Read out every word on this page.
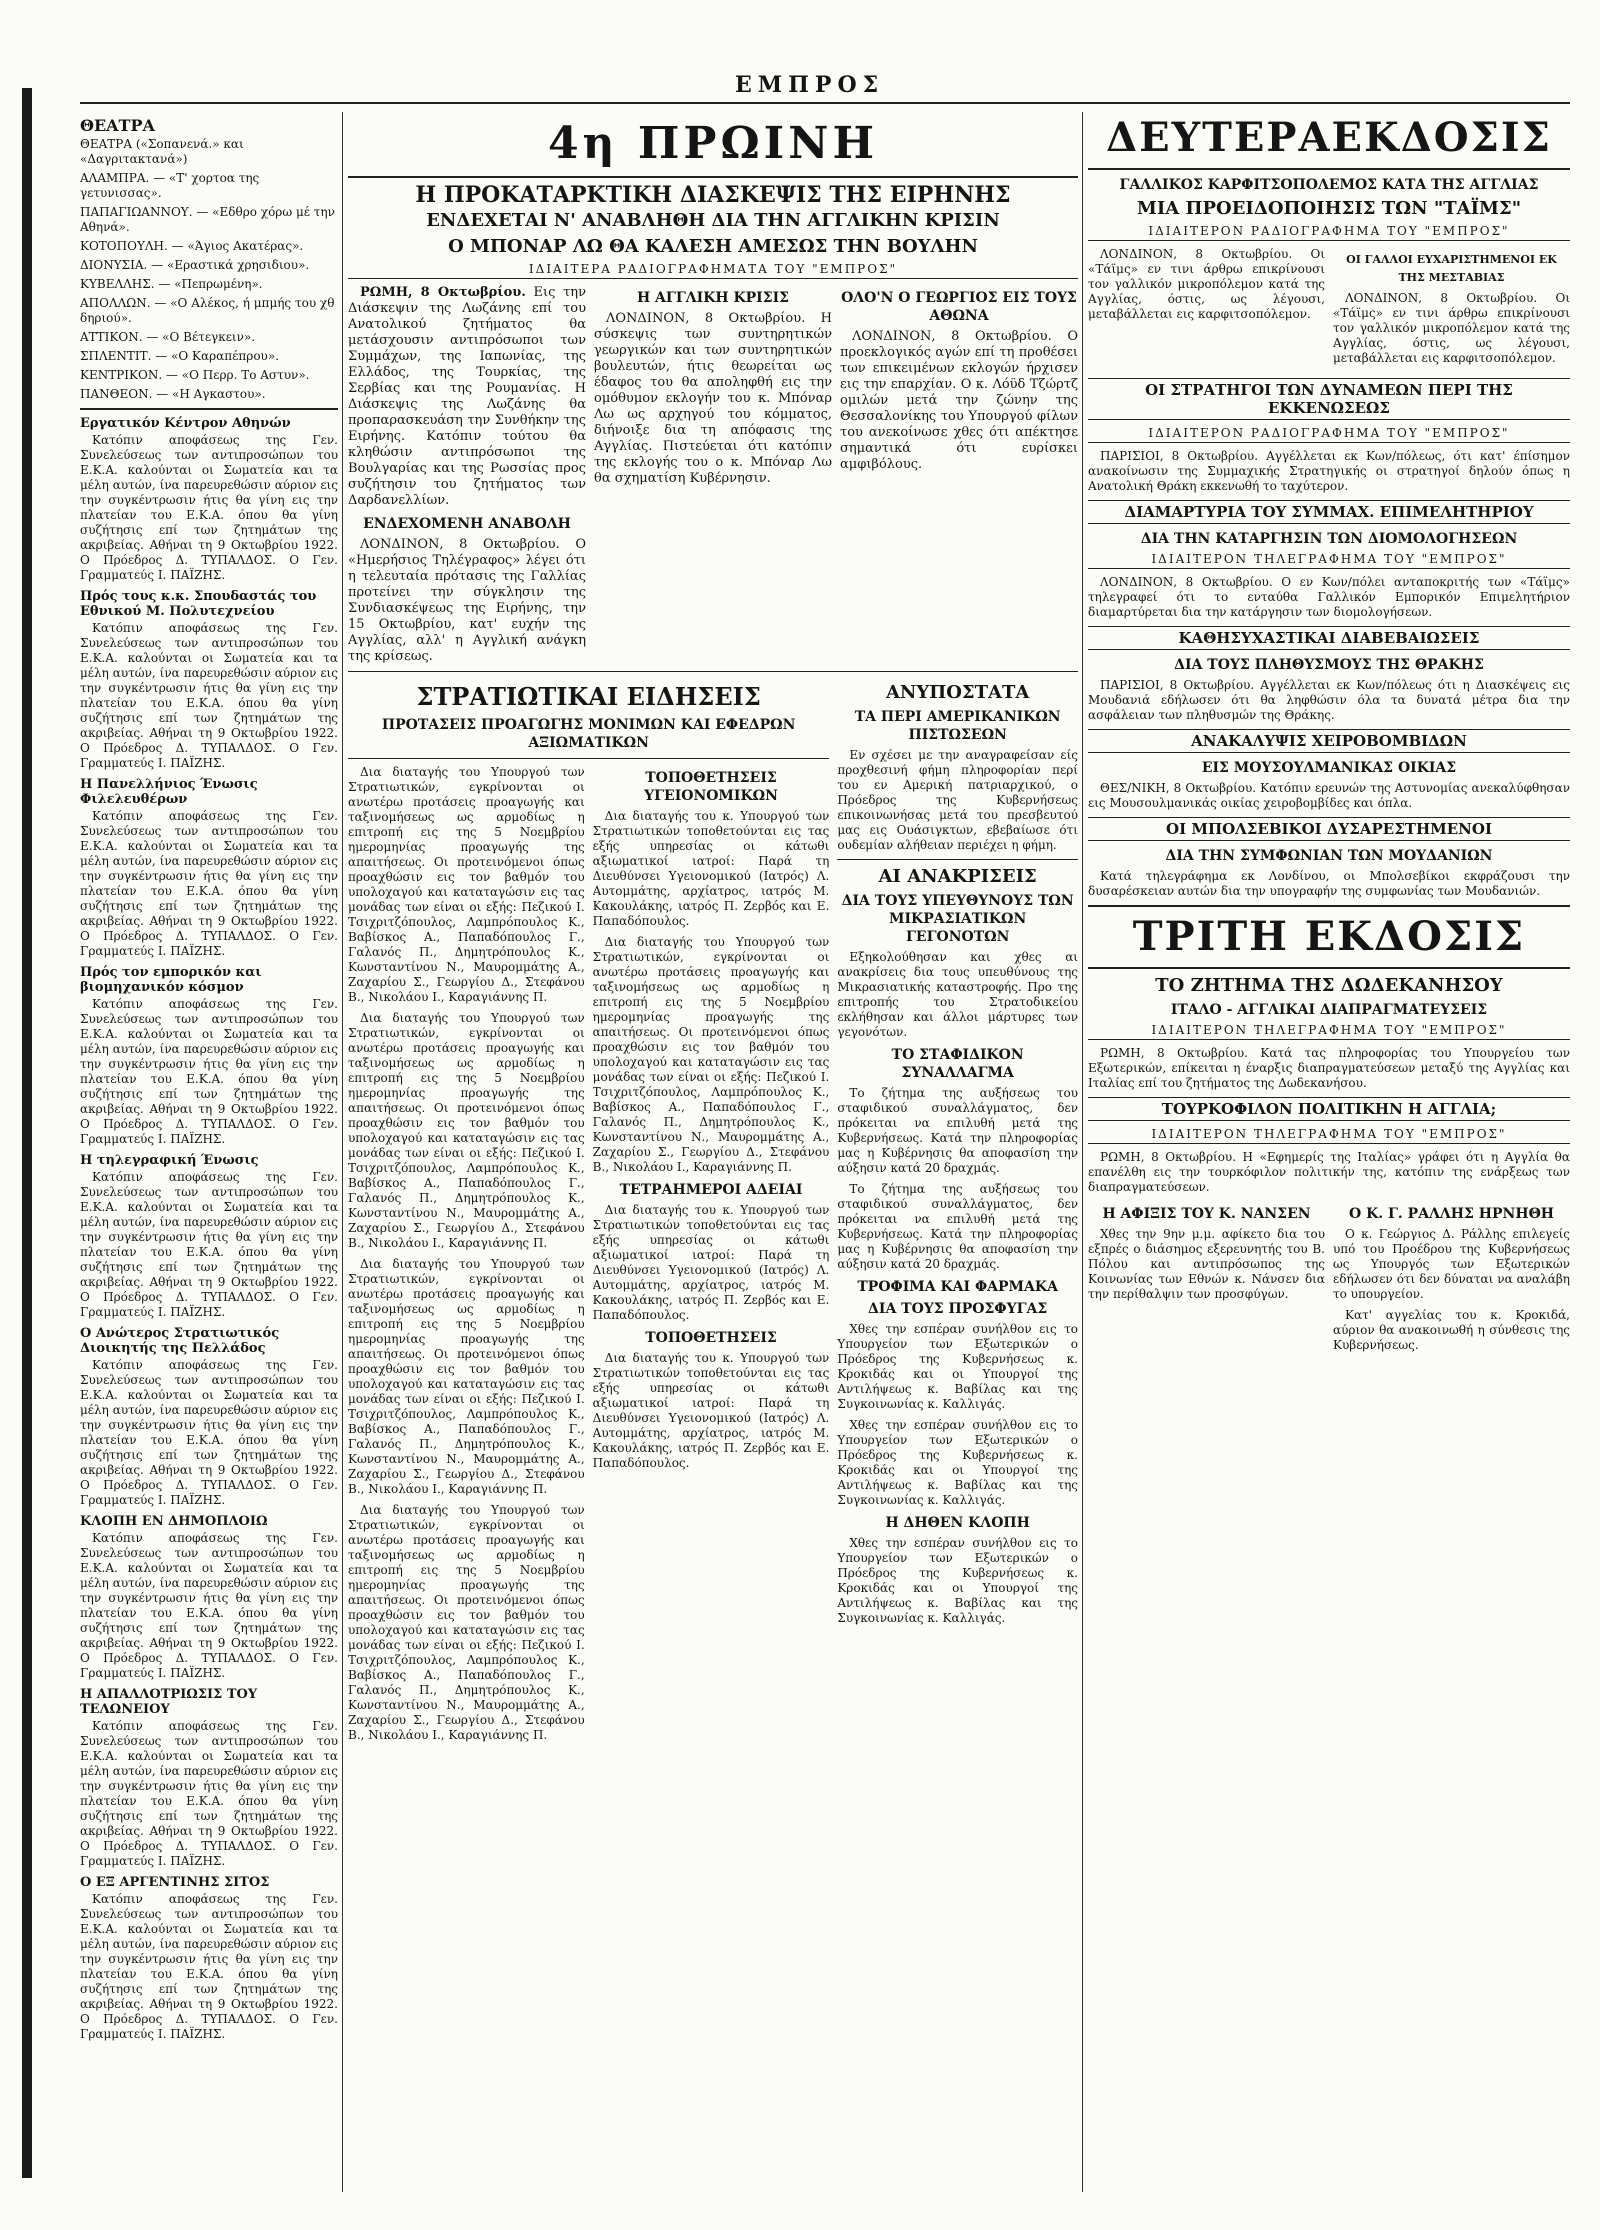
ΕΜΠΡΟΣ
ΘΕΑΤΡΑ
ΘΕΑΤΡΑ («Σοπανενά.» και «Δαγριτακτανά»)
ΑΛΑΜΠΡΑ. — «Τ' χορτοα της γετυνισσας».
ΠΑΠΑΓΙΩΑΝΝΟΥ. — «Εδθρο χόρω μέ την Αθηνά».
ΚΟΤΟΠΟΥΛΗ. — «Άγιος Ακατέρας».
ΔΙΟΝΥΣΙΑ. — «Εραστικά χρησιδιου».
ΚΥΒΕΛΛΗΣ. — «Πεπρωμένη».
ΑΠΟΛΛΩΝ. — «Ο Αλέκος, ή μπμής του χθ δηριού».
ΑΤΤΙΚΟΝ. — «Ο Βέτεγκειν».
ΣΠΛΕΝΤΙΤ. — «Ο Καραπέπρου».
ΚΕΝΤΡΙΚΟΝ. — «Ο Περρ. Το Αστυν».
ΠΑΝΘΕΟΝ. — «Η Αγκαστου».
Εργατικόν Κέντρον Αθηνών

Κατόπιν αποφάσεως της Γεν. Συνελεύσεως των αντιπροσώπων του Ε.Κ.Α. καλούνται οι Σωματεία και τα μέλη αυτών, ίνα παρευρεθώσιν αύριον εις την συγκέντρωσιν ήτις θα γίνη εις την πλατείαν του Ε.Κ.Α. όπου θα γίνη συζήτησις επί των ζητημάτων της ακριβείας. Αθήναι τη 9 Οκτωβρίου 1922. Ο Πρόεδρος Δ. ΤΥΠΑΛΔΟΣ. Ο Γεν. Γραμματεύς Ι. ΠΑΪΖΗΣ.

Πρός τους κ.κ. Σπουδαστάς του Εθνικού Μ. Πολυτεχνείου

Κατόπιν αποφάσεως της Γεν. Συνελεύσεως των αντιπροσώπων του Ε.Κ.Α. καλούνται οι Σωματεία και τα μέλη αυτών, ίνα παρευρεθώσιν αύριον εις την συγκέντρωσιν ήτις θα γίνη εις την πλατείαν του Ε.Κ.Α. όπου θα γίνη συζήτησις επί των ζητημάτων της ακριβείας. Αθήναι τη 9 Οκτωβρίου 1922. Ο Πρόεδρος Δ. ΤΥΠΑΛΔΟΣ. Ο Γεν. Γραμματεύς Ι. ΠΑΪΖΗΣ.

Η Πανελλήνιος Ένωσις Φιλελευθέρων

Κατόπιν αποφάσεως της Γεν. Συνελεύσεως των αντιπροσώπων του Ε.Κ.Α. καλούνται οι Σωματεία και τα μέλη αυτών, ίνα παρευρεθώσιν αύριον εις την συγκέντρωσιν ήτις θα γίνη εις την πλατείαν του Ε.Κ.Α. όπου θα γίνη συζήτησις επί των ζητημάτων της ακριβείας. Αθήναι τη 9 Οκτωβρίου 1922. Ο Πρόεδρος Δ. ΤΥΠΑΛΔΟΣ. Ο Γεν. Γραμματεύς Ι. ΠΑΪΖΗΣ.

Πρός τον εμπορικόν και βιομηχανικόν κόσμον

Κατόπιν αποφάσεως της Γεν. Συνελεύσεως των αντιπροσώπων του Ε.Κ.Α. καλούνται οι Σωματεία και τα μέλη αυτών, ίνα παρευρεθώσιν αύριον εις την συγκέντρωσιν ήτις θα γίνη εις την πλατείαν του Ε.Κ.Α. όπου θα γίνη συζήτησις επί των ζητημάτων της ακριβείας. Αθήναι τη 9 Οκτωβρίου 1922. Ο Πρόεδρος Δ. ΤΥΠΑΛΔΟΣ. Ο Γεν. Γραμματεύς Ι. ΠΑΪΖΗΣ.

Η τηλεγραφική Ένωσις

Κατόπιν αποφάσεως της Γεν. Συνελεύσεως των αντιπροσώπων του Ε.Κ.Α. καλούνται οι Σωματεία και τα μέλη αυτών, ίνα παρευρεθώσιν αύριον εις την συγκέντρωσιν ήτις θα γίνη εις την πλατείαν του Ε.Κ.Α. όπου θα γίνη συζήτησις επί των ζητημάτων της ακριβείας. Αθήναι τη 9 Οκτωβρίου 1922. Ο Πρόεδρος Δ. ΤΥΠΑΛΔΟΣ. Ο Γεν. Γραμματεύς Ι. ΠΑΪΖΗΣ.

Ο Ανώτερος Στρατιωτικός Διοικητής της Πελλάδος

Κατόπιν αποφάσεως της Γεν. Συνελεύσεως των αντιπροσώπων του Ε.Κ.Α. καλούνται οι Σωματεία και τα μέλη αυτών, ίνα παρευρεθώσιν αύριον εις την συγκέντρωσιν ήτις θα γίνη εις την πλατείαν του Ε.Κ.Α. όπου θα γίνη συζήτησις επί των ζητημάτων της ακριβείας. Αθήναι τη 9 Οκτωβρίου 1922. Ο Πρόεδρος Δ. ΤΥΠΑΛΔΟΣ. Ο Γεν. Γραμματεύς Ι. ΠΑΪΖΗΣ.

ΚΛΟΠΗ ΕΝ ΔΗΜΟΠΛΟΙΩ

Κατόπιν αποφάσεως της Γεν. Συνελεύσεως των αντιπροσώπων του Ε.Κ.Α. καλούνται οι Σωματεία και τα μέλη αυτών, ίνα παρευρεθώσιν αύριον εις την συγκέντρωσιν ήτις θα γίνη εις την πλατείαν του Ε.Κ.Α. όπου θα γίνη συζήτησις επί των ζητημάτων της ακριβείας. Αθήναι τη 9 Οκτωβρίου 1922. Ο Πρόεδρος Δ. ΤΥΠΑΛΔΟΣ. Ο Γεν. Γραμματεύς Ι. ΠΑΪΖΗΣ.

Η ΑΠΑΛΛΟΤΡΙΩΣΙΣ ΤΟΥ ΤΕΛΩΝΕΙΟΥ

Κατόπιν αποφάσεως της Γεν. Συνελεύσεως των αντιπροσώπων του Ε.Κ.Α. καλούνται οι Σωματεία και τα μέλη αυτών, ίνα παρευρεθώσιν αύριον εις την συγκέντρωσιν ήτις θα γίνη εις την πλατείαν του Ε.Κ.Α. όπου θα γίνη συζήτησις επί των ζητημάτων της ακριβείας. Αθήναι τη 9 Οκτωβρίου 1922. Ο Πρόεδρος Δ. ΤΥΠΑΛΔΟΣ. Ο Γεν. Γραμματεύς Ι. ΠΑΪΖΗΣ.

Ο ΕΞ ΑΡΓΕΝΤΙΝΗΣ ΣΙΤΟΣ

Κατόπιν αποφάσεως της Γεν. Συνελεύσεως των αντιπροσώπων του Ε.Κ.Α. καλούνται οι Σωματεία και τα μέλη αυτών, ίνα παρευρεθώσιν αύριον εις την συγκέντρωσιν ήτις θα γίνη εις την πλατείαν του Ε.Κ.Α. όπου θα γίνη συζήτησις επί των ζητημάτων της ακριβείας. Αθήναι τη 9 Οκτωβρίου 1922. Ο Πρόεδρος Δ. ΤΥΠΑΛΔΟΣ. Ο Γεν. Γραμματεύς Ι. ΠΑΪΖΗΣ.

4η ΠΡΩΙΝΗ
Η ΠΡΟΚΑΤΑΡΚΤΙΚΗ ΔΙΑΣΚΕΨΙΣ ΤΗΣ ΕΙΡΗΝΗΣ
ΕΝΔΕΧΕΤΑΙ Ν' ΑΝΑΒΛΗΘΗ ΔΙΑ ΤΗΝ ΑΓΓΛΙΚΗΝ ΚΡΙΣΙΝ
Ο ΜΠΟΝΑΡ ΛΩ ΘΑ ΚΑΛΕΣΗ ΑΜΕΣΩΣ ΤΗΝ ΒΟΥΛΗΝ
ΙΔΙΑΙΤΕΡΑ ΡΑΔΙΟΓΡΑΦΗΜΑΤΑ ΤΟΥ "ΕΜΠΡΟΣ"

ΡΩΜΗ, 8 Οκτωβρίου. Εις την Διάσκεψιν της Λωζάνης επί του Ανατολικού ζητήματος θα μετάσχουσιν αντιπρόσωποι των Συμμάχων, της Ιαπωνίας, της Ελλάδος, της Τουρκίας, της Σερβίας και της Ρουμανίας. Η Διάσκεψις της Λωζάνης θα προπαρασκευάση την Συνθήκην της Ειρήνης. Κατόπιν τούτου θα κληθώσιν αντιπρόσωποι της Βουλγαρίας και της Ρωσσίας προς συζήτησιν του ζητήματος των Δαρδανελλίων.

ΕΝΔΕΧΟΜΕΝΗ ΑΝΑΒΟΛΗ

ΛΟΝΔΙΝΟΝ, 8 Οκτωβρίου. Ο «Ημερήσιος Τηλέγραφος» λέγει ότι η τελευταία πρότασις της Γαλλίας προτείνει την σύγκλησιν της Συνδιασκέψεως της Ειρήνης, την 15 Οκτωβρίου, κατ' ευχήν της Αγγλίας, αλλ' η Αγγλική ανάγκη της κρίσεως.

Η ΑΓΓΛΙΚΗ ΚΡΙΣΙΣ

ΛΟΝΔΙΝΟΝ, 8 Οκτωβρίου. Η σύσκεψις των συντηρητικών γεωργικών και των συντηρητικών βουλευτών, ήτις θεωρείται ως έδαφος του θα αποληφθή εις την ομόθυμον εκλογήν του κ. Μπόναρ Λω ως αρχηγού του κόμματος, διήνοιξε δια τη απόφασις της Αγγλίας. Πιστεύεται ότι κατόπιν της εκλογής του ο κ. Μπόναρ Λω θα σχηματίση Κυβέρνησιν.

ΟΛΟ'Ν Ο ΓΕΩΡΓΙΟΣ ΕΙΣ ΤΟΥΣ ΑΘΩΝΑ

ΛΟΝΔΙΝΟΝ, 8 Οκτωβρίου. Ο προεκλογικός αγών επί τη προθέσει των επικειμένων εκλογών ήρχισεν εις την επαρχίαν. Ο κ. Λόϋδ Τζώρτζ ομιλών μετά την ζώνην της Θεσσαλονίκης του Υπουργού φίλων του ανεκοίνωσε χθες ότι απέκτησε σημαντικά ότι ευρίσκει αμφιβόλους.

ΣΤΡΑΤΙΩΤΙΚΑΙ ΕΙΔΗΣΕΙΣ
ΠΡΟΤΑΣΕΙΣ ΠΡΟΑΓΩΓΗΣ ΜΟΝΙΜΩΝ ΚΑΙ ΕΦΕΔΡΩΝ ΑΞΙΩΜΑΤΙΚΩΝ

Δια διαταγής του Υπουργού των Στρατιωτικών, εγκρίνονται οι ανωτέρω προτάσεις προαγωγής και ταξινομήσεως ως αρμοδίως η επιτροπή εις της 5 Νοεμβρίου ημερομηνίας προαγωγής της απαιτήσεως. Οι προτεινόμενοι όπως προαχθώσιν εις τον βαθμόν του υπολοχαγού και καταταγώσιν εις τας μονάδας των είναι οι εξής: Πεζικού Ι. Τσιχριτζόπουλος, Λαμπρόπουλος Κ., Βαβίσκος Α., Παπαδόπουλος Γ., Γαλανός Π., Δημητρόπουλος Κ., Κωνσταντίνου Ν., Μαυρομμάτης Α., Ζαχαρίου Σ., Γεωργίου Δ., Στεφάνου Β., Νικολάου Ι., Καραγιάννης Π.

Δια διαταγής του Υπουργού των Στρατιωτικών, εγκρίνονται οι ανωτέρω προτάσεις προαγωγής και ταξινομήσεως ως αρμοδίως η επιτροπή εις της 5 Νοεμβρίου ημερομηνίας προαγωγής της απαιτήσεως. Οι προτεινόμενοι όπως προαχθώσιν εις τον βαθμόν του υπολοχαγού και καταταγώσιν εις τας μονάδας των είναι οι εξής: Πεζικού Ι. Τσιχριτζόπουλος, Λαμπρόπουλος Κ., Βαβίσκος Α., Παπαδόπουλος Γ., Γαλανός Π., Δημητρόπουλος Κ., Κωνσταντίνου Ν., Μαυρομμάτης Α., Ζαχαρίου Σ., Γεωργίου Δ., Στεφάνου Β., Νικολάου Ι., Καραγιάννης Π.

Δια διαταγής του Υπουργού των Στρατιωτικών, εγκρίνονται οι ανωτέρω προτάσεις προαγωγής και ταξινομήσεως ως αρμοδίως η επιτροπή εις της 5 Νοεμβρίου ημερομηνίας προαγωγής της απαιτήσεως. Οι προτεινόμενοι όπως προαχθώσιν εις τον βαθμόν του υπολοχαγού και καταταγώσιν εις τας μονάδας των είναι οι εξής: Πεζικού Ι. Τσιχριτζόπουλος, Λαμπρόπουλος Κ., Βαβίσκος Α., Παπαδόπουλος Γ., Γαλανός Π., Δημητρόπουλος Κ., Κωνσταντίνου Ν., Μαυρομμάτης Α., Ζαχαρίου Σ., Γεωργίου Δ., Στεφάνου Β., Νικολάου Ι., Καραγιάννης Π.

Δια διαταγής του Υπουργού των Στρατιωτικών, εγκρίνονται οι ανωτέρω προτάσεις προαγωγής και ταξινομήσεως ως αρμοδίως η επιτροπή εις της 5 Νοεμβρίου ημερομηνίας προαγωγής της απαιτήσεως. Οι προτεινόμενοι όπως προαχθώσιν εις τον βαθμόν του υπολοχαγού και καταταγώσιν εις τας μονάδας των είναι οι εξής: Πεζικού Ι. Τσιχριτζόπουλος, Λαμπρόπουλος Κ., Βαβίσκος Α., Παπαδόπουλος Γ., Γαλανός Π., Δημητρόπουλος Κ., Κωνσταντίνου Ν., Μαυρομμάτης Α., Ζαχαρίου Σ., Γεωργίου Δ., Στεφάνου Β., Νικολάου Ι., Καραγιάννης Π.

ΤΟΠΟΘΕΤΗΣΕΙΣ ΥΓΕΙΟΝΟΜΙΚΩΝ

Δια διαταγής του κ. Υπουργού των Στρατιωτικών τοποθετούνται εις τας εξής υπηρεσίας οι κάτωθι αξιωματικοί ιατροί: Παρά τη Διευθύνσει Υγειονομικού (Ιατρός) Λ. Αυτομμάτης, αρχίατρος, ιατρός Μ. Κακουλάκης, ιατρός Π. Ζερβός και Ε. Παπαδόπουλος.

Δια διαταγής του Υπουργού των Στρατιωτικών, εγκρίνονται οι ανωτέρω προτάσεις προαγωγής και ταξινομήσεως ως αρμοδίως η επιτροπή εις της 5 Νοεμβρίου ημερομηνίας προαγωγής της απαιτήσεως. Οι προτεινόμενοι όπως προαχθώσιν εις τον βαθμόν του υπολοχαγού και καταταγώσιν εις τας μονάδας των είναι οι εξής: Πεζικού Ι. Τσιχριτζόπουλος, Λαμπρόπουλος Κ., Βαβίσκος Α., Παπαδόπουλος Γ., Γαλανός Π., Δημητρόπουλος Κ., Κωνσταντίνου Ν., Μαυρομμάτης Α., Ζαχαρίου Σ., Γεωργίου Δ., Στεφάνου Β., Νικολάου Ι., Καραγιάννης Π.

ΤΕΤΡΑΗΜΕΡΟΙ ΑΔΕΙΑΙ

Δια διαταγής του κ. Υπουργού των Στρατιωτικών τοποθετούνται εις τας εξής υπηρεσίας οι κάτωθι αξιωματικοί ιατροί: Παρά τη Διευθύνσει Υγειονομικού (Ιατρός) Λ. Αυτομμάτης, αρχίατρος, ιατρός Μ. Κακουλάκης, ιατρός Π. Ζερβός και Ε. Παπαδόπουλος.

ΤΟΠΟΘΕΤΗΣΕΙΣ

Δια διαταγής του κ. Υπουργού των Στρατιωτικών τοποθετούνται εις τας εξής υπηρεσίας οι κάτωθι αξιωματικοί ιατροί: Παρά τη Διευθύνσει Υγειονομικού (Ιατρός) Λ. Αυτομμάτης, αρχίατρος, ιατρός Μ. Κακουλάκης, ιατρός Π. Ζερβός και Ε. Παπαδόπουλος.

ΑΝΥΠΟΣΤΑΤΑ
ΤΑ ΠΕΡΙ ΑΜΕΡΙΚΑΝΙΚΩΝ ΠΙΣΤΩΣΕΩΝ

Εν σχέσει με την αναγραφείσαν είς προχθεσινή φήμη πληροφορίαν περί του εν Αμερική πατριαρχικού, ο Πρόεδρος της Κυβερνήσεως επικοινωνήσας μετά του πρεσβευτού μας εις Ουάσιγκτων, εβεβαίωσε ότι ουδεμίαν αλήθειαν περιέχει η φήμη.

ΑΙ ΑΝΑΚΡΙΣΕΙΣ
ΔΙΑ ΤΟΥΣ ΥΠΕΥΘΥΝΟΥΣ ΤΩΝ ΜΙΚΡΑΣΙΑΤΙΚΩΝ ΓΕΓΟΝΟΤΩΝ

Εξηκολούθησαν και χθες αι ανακρίσεις δια τους υπευθύνους της Μικρασιατικής καταστροφής. Προ της επιτροπής του Στρατοδικείου εκλήθησαν και άλλοι μάρτυρες των γεγονότων.

ΤΟ ΣΤΑΦΙΔΙΚΟΝ ΣΥΝΑΛΛΑΓΜΑ

Το ζήτημα της αυξήσεως του σταφιδικού συναλλάγματος, δεν πρόκειται να επιλυθή μετά της Κυβερνήσεως. Κατά την πληροφορίας μας η Κυβέρνησις θα αποφασίση την αύξησιν κατά 20 δραχμάς.

Το ζήτημα της αυξήσεως του σταφιδικού συναλλάγματος, δεν πρόκειται να επιλυθή μετά της Κυβερνήσεως. Κατά την πληροφορίας μας η Κυβέρνησις θα αποφασίση την αύξησιν κατά 20 δραχμάς.

ΤΡΟΦΙΜΑ ΚΑΙ ΦΑΡΜΑΚΑ
ΔΙΑ ΤΟΥΣ ΠΡΟΣΦΥΓΑΣ

Χθες την εσπέραν συνήλθον εις το Υπουργείον των Εξωτερικών ο Πρόεδρος της Κυβερνήσεως κ. Κροκιδάς και οι Υπουργοί της Αντιλήψεως κ. Βαβίλας και της Συγκοινωνίας κ. Καλλιγάς.

Χθες την εσπέραν συνήλθον εις το Υπουργείον των Εξωτερικών ο Πρόεδρος της Κυβερνήσεως κ. Κροκιδάς και οι Υπουργοί της Αντιλήψεως κ. Βαβίλας και της Συγκοινωνίας κ. Καλλιγάς.

Η ΔΗΘΕΝ ΚΛΟΠΗ

Χθες την εσπέραν συνήλθον εις το Υπουργείον των Εξωτερικών ο Πρόεδρος της Κυβερνήσεως κ. Κροκιδάς και οι Υπουργοί της Αντιλήψεως κ. Βαβίλας και της Συγκοινωνίας κ. Καλλιγάς.

ΔΕΥΤΕΡΑΕΚΔΟΣΙΣ
ΓΑΛΛΙΚΟΣ ΚΑΡΦΙΤΣΟΠΟΛΕΜΟΣ ΚΑΤΑ ΤΗΣ ΑΓΓΛΙΑΣ
ΜΙΑ ΠΡΟΕΙΔΟΠΟΙΗΣΙΣ ΤΩΝ "ΤΑΪΜΣ"
ΙΔΙΑΙΤΕΡΟΝ ΡΑΔΙΟΓΡΑΦΗΜΑ ΤΟΥ "ΕΜΠΡΟΣ"

ΛΟΝΔΙΝΟΝ, 8 Οκτωβρίου. Οι «Τάϊμς» εν τινι άρθρω επικρίνουσι τον γαλλικόν μικροπόλεμον κατά της Αγγλίας, όστις, ως λέγουσι, μεταβάλλεται εις καρφιτσοπόλεμον.

ΟΙ ΓΑΛΛΟΙ ΕΥΧΑΡΙΣΤΗΜΕΝΟΙ ΕΚ ΤΗΣ ΜΕΣΤΑΒΙΑΣ

ΛΟΝΔΙΝΟΝ, 8 Οκτωβρίου. Οι «Τάϊμς» εν τινι άρθρω επικρίνουσι τον γαλλικόν μικροπόλεμον κατά της Αγγλίας, όστις, ως λέγουσι, μεταβάλλεται εις καρφιτσοπόλεμον.

ΟΙ ΣΤΡΑΤΗΓΟΙ ΤΩΝ ΔΥΝΑΜΕΩΝ ΠΕΡΙ ΤΗΣ ΕΚΚΕΝΩΣΕΩΣ
ΙΔΙΑΙΤΕΡΟΝ ΡΑΔΙΟΓΡΑΦΗΜΑ ΤΟΥ "ΕΜΠΡΟΣ"

ΠΑΡΙΣΙΟΙ, 8 Οκτωβρίου. Αγγέλλεται εκ Κων/πόλεως, ότι κατ' έπίσημον ανακοίνωσιν της Συμμαχικής Στρατηγικής οι στρατηγοί δηλούν όπως η Ανατολική Θράκη εκκενωθή το ταχύτερον.

ΔΙΑΜΑΡΤΥΡΙΑ ΤΟΥ ΣΥΜΜΑΧ. ΕΠΙΜΕΛΗΤΗΡΙΟΥ
ΔΙΑ ΤΗΝ ΚΑΤΑΡΓΗΣΙΝ ΤΩΝ ΔΙΟΜΟΛΟΓΗΣΕΩΝ
ΙΔΙΑΙΤΕΡΟΝ ΤΗΛΕΓΡΑΦΗΜΑ ΤΟΥ "ΕΜΠΡΟΣ"

ΛΟΝΔΙΝΟΝ, 8 Οκτωβρίου. Ο εν Κων/πόλει ανταποκριτής των «Τάϊμς» τηλεγραφεί ότι το ενταύθα Γαλλικόν Εμπορικόν Επιμελητήριον διαμαρτύρεται δια την κατάργησιν των διομολογήσεων.

ΚΑΘΗΣΥΧΑΣΤΙΚΑΙ ΔΙΑΒΕΒΑΙΩΣΕΙΣ
ΔΙΑ ΤΟΥΣ ΠΛΗΘΥΣΜΟΥΣ ΤΗΣ ΘΡΑΚΗΣ

ΠΑΡΙΣΙΟΙ, 8 Οκτωβρίου. Αγγέλλεται εκ Κων/πόλεως ότι η Διασκέψεις εις Μουδανιά εδήλωσεν ότι θα ληφθώσιν όλα τα δυνατά μέτρα δια την ασφάλειαν των πληθυσμών της Θράκης.

ΑΝΑΚΑΛΥΨΙΣ ΧΕΙΡΟΒΟΜΒΙΔΩΝ
ΕΙΣ ΜΟΥΣΟΥΛΜΑΝΙΚΑΣ ΟΙΚΙΑΣ

ΘΕΣ/ΝΙΚΗ, 8 Οκτωβρίου. Κατόπιν ερευνών της Αστυνομίας ανεκαλύφθησαν εις Μουσουλμανικάς οικίας χειροβομβίδες και όπλα.

ΟΙ ΜΠΟΛΣΕΒΙΚΟΙ ΔΥΣΑΡΕΣΤΗΜΕΝΟΙ
ΔΙΑ ΤΗΝ ΣΥΜΦΩΝΙΑΝ ΤΩΝ ΜΟΥΔΑΝΙΩΝ

Κατά τηλεγράφημα εκ Λονδίνου, οι Μπολσεβίκοι εκφράζουσι την δυσαρέσκειαν αυτών δια την υπογραφήν της συμφωνίας των Μουδανιών.

ΤΡΙΤΗ ΕΚΔΟΣΙΣ
ΤΟ ΖΗΤΗΜΑ ΤΗΣ ΔΩΔΕΚΑΝΗΣΟΥ
ΙΤΑΛΟ - ΑΓΓΛΙΚΑΙ ΔΙΑΠΡΑΓΜΑΤΕΥΣΕΙΣ
ΙΔΙΑΙΤΕΡΟΝ ΤΗΛΕΓΡΑΦΗΜΑ ΤΟΥ "ΕΜΠΡΟΣ"

ΡΩΜΗ, 8 Οκτωβρίου. Κατά τας πληροφορίας του Υπουργείου των Εξωτερικών, επίκειται η έναρξις διαπραγματεύσεων μεταξύ της Αγγλίας και Ιταλίας επί του ζητήματος της Δωδεκανήσου.

ΤΟΥΡΚΟΦΙΛΟΝ ΠΟΛΙΤΙΚΗΝ Η ΑΓΓΛΙΑ;
ΙΔΙΑΙΤΕΡΟΝ ΤΗΛΕΓΡΑΦΗΜΑ ΤΟΥ "ΕΜΠΡΟΣ"

ΡΩΜΗ, 8 Οκτωβρίου. Η «Εφημερίς της Ιταλίας» γράφει ότι η Αγγλία θα επανέλθη εις την τουρκόφιλον πολιτικήν της, κατόπιν της ενάρξεως των διαπραγματεύσεων.

Η ΑΦΙΞΙΣ ΤΟΥ Κ. ΝΑΝΣΕΝ

Χθες την 9ην μ.μ. αφίκετο δια του εξπρές ο διάσημος εξερευνητής του Β. Πόλου και αντιπρόσωπος της Κοινωνίας των Εθνών κ. Νάνσεν δια την περίθαλψιν των προσφύγων.

Ο Κ. Γ. ΡΑΛΛΗΣ ΗΡΝΗΘΗ

Ο κ. Γεώργιος Δ. Ράλλης επιλεγείς υπό του Προέδρου της Κυβερνήσεως ως Υπουργός των Εξωτερικών εδήλωσεν ότι δεν δύναται να αναλάβη το υπουργείον.

Κατ' αγγελίας του κ. Κροκιδά, αύριον θα ανακοινωθή η σύνθεσις της Κυβερνήσεως.
